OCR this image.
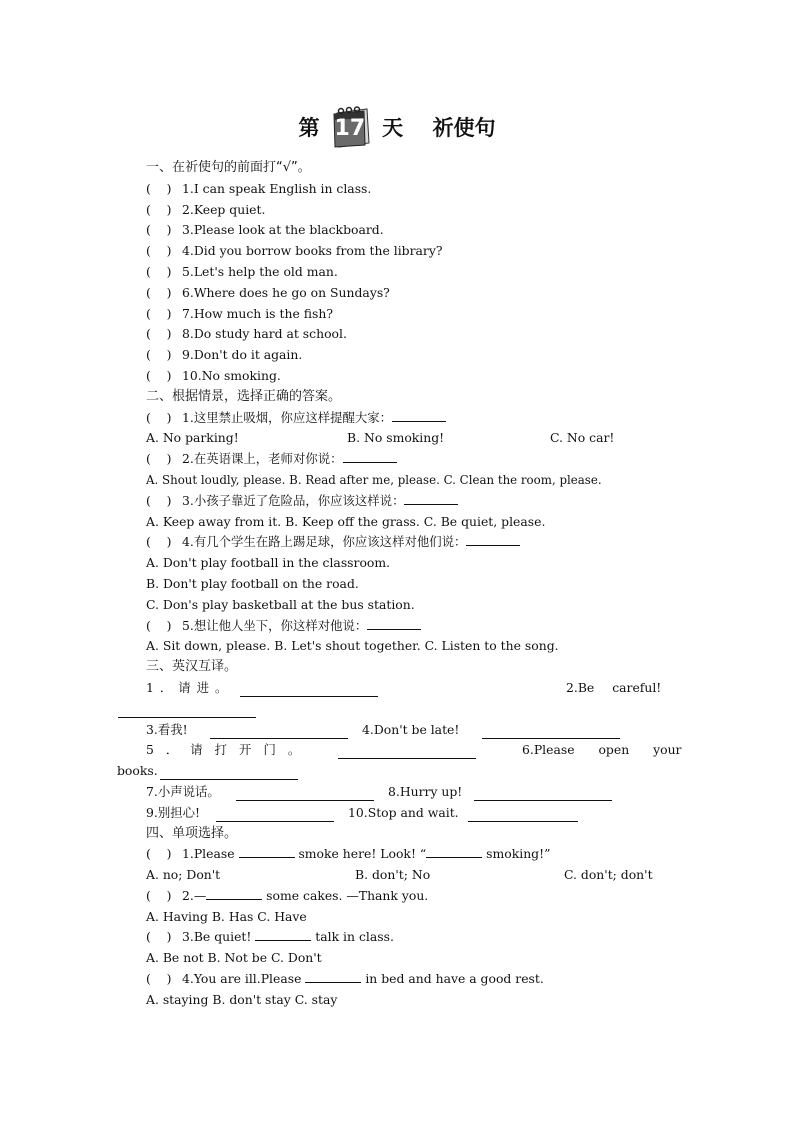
第 17 天 祈使句
一、在祈使句的前面打“√”。
(    ) 1.I can speak English in class.
(    ) 2.Keep quiet.
(    ) 3.Please look at the blackboard.
(    ) 4.Did you borrow books from the library?
(    ) 5.Let's help the old man.
(    ) 6.Where does he go on Sundays?
(    ) 7.How much is the fish?
(    ) 8.Do study hard at school.
(    ) 9.Don't do it again.
(    ) 10.No smoking.
二、根据情景，选择正确的答案。
(    ) 1.这里禁止吸烟，你应这样提醒大家：
A. No parking!	B. No smoking!	C. No car!
(    ) 2.在英语课上，老师对你说：
A. Shout loudly, please. B. Read after me, please. C. Clean the room, please.
(    ) 3.小孩子靠近了危险品，你应该这样说：
A. Keep away from it. B. Keep off the grass. C. Be quiet, please.
(    ) 4.有几个学生在路上踢足球，你应该这样对他们说：
A. Don't play football in the classroom.
B. Don't play football on the road.
C. Don's play basketball at the bus station.
(    ) 5.想让他人坐下，你这样对他说：
A. Sit down, please. B. Let's shout together. C. Listen to the song.
三、英汉互译。
1．请进。	2.Be careful!
3.看我!	4.Don't be late!
5．请打开门。	6.Please open your
books.
7.小声说话。	8.Hurry up!
9.别担心!	10.Stop and wait.
四、单项选择。
(    ) 1.Please	smoke here! Look! “	smoking!”
A. no; Don't	B. don't; No	C. don't; don't
(    ) 2.—	some cakes. —Thank you.
A. Having B. Has C. Have
(    ) 3.Be quiet!	talk in class.
A. Be not B. Not be C. Don't
(    ) 4.You are ill.Please	in bed and have a good rest.
A. staying B. don't stay C. stay
